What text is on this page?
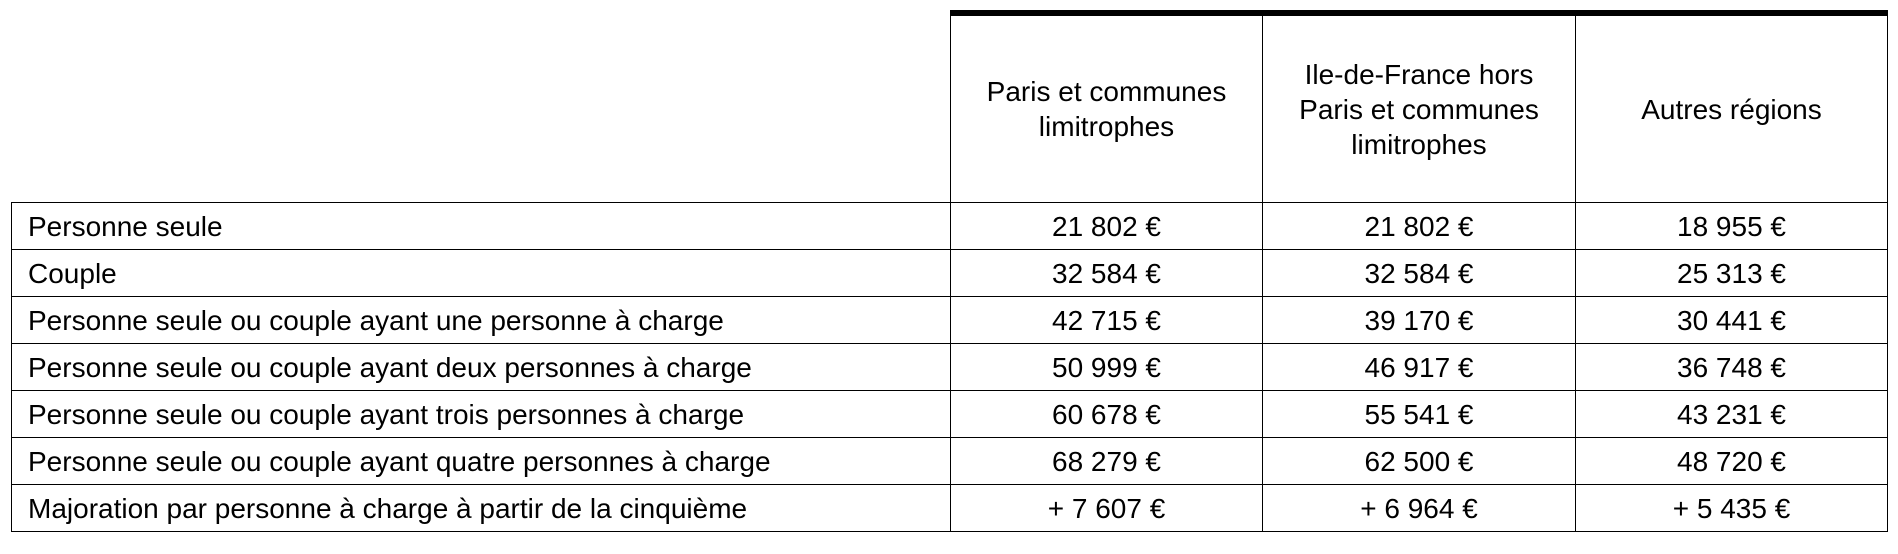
	Paris et communes limitrophes	Ile-de-France hors Paris et communes limitrophes	Autres régions
Personne seule	21 802 €	21 802 €	18 955 €
Couple	32 584 €	32 584 €	25 313 €
Personne seule ou couple ayant une personne à charge	42 715 €	39 170 €	30 441 €
Personne seule ou couple ayant deux personnes à charge	50 999 €	46 917 €	36 748 €
Personne seule ou couple ayant trois personnes à charge	60 678 €	55 541 €	43 231 €
Personne seule ou couple ayant quatre personnes à charge	68 279 €	62 500 €	48 720 €
Majoration par personne à charge à partir de la cinquième	+ 7 607 €	+ 6 964 €	+ 5 435 €
